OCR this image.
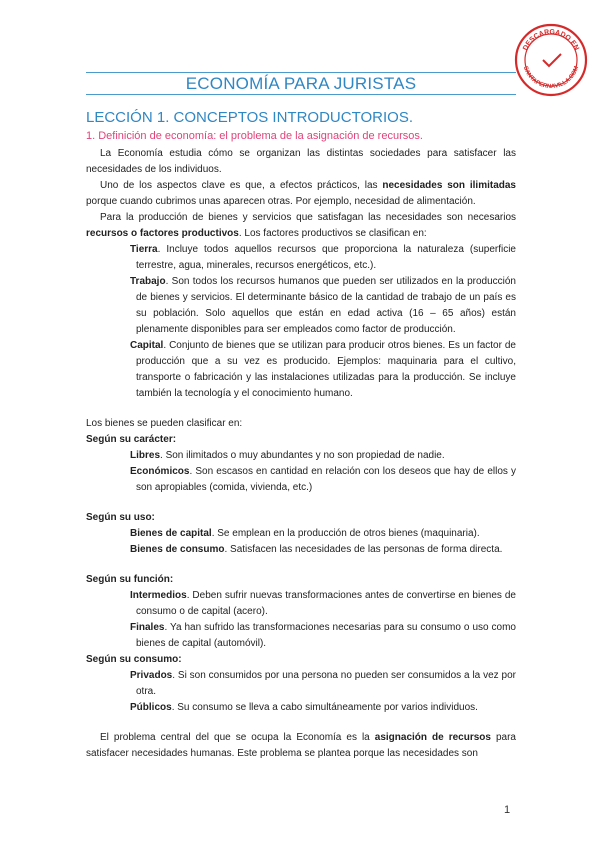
DESCARGADO EN
SANTAPERNAVILLA.COM
ECONOMÍA PARA JURISTAS
LECCIÓN 1. CONCEPTOS INTRODUCTORIOS.
1. Definición de economía: el problema de la asignación de recursos.

La Economía estudia cómo se organizan las distintas sociedades para satisfacer las necesidades de los individuos.

Uno de los aspectos clave es que, a efectos prácticos, las necesidades son ilimitadas porque cuando cubrimos unas aparecen otras. Por ejemplo, necesidad de alimentación.

Para la producción de bienes y servicios que satisfagan las necesidades son necesarios recursos o factores productivos. Los factores productivos se clasifican en:

Tierra. Incluye todos aquellos recursos que proporciona la naturaleza (superficie terrestre, agua, minerales, recursos energéticos, etc.).

Trabajo. Son todos los recursos humanos que pueden ser utilizados en la producción de bienes y servicios. El determinante básico de la cantidad de trabajo de un país es su población. Solo aquellos que están en edad activa (16 – 65 años) están plenamente disponibles para ser empleados como factor de producción.

Capital. Conjunto de bienes que se utilizan para producir otros bienes. Es un factor de producción que a su vez es producido. Ejemplos: maquinaria para el cultivo, transporte o fabricación y las instalaciones utilizadas para la producción. Se incluye también la tecnología y el conocimiento humano.

Los bienes se pueden clasificar en:

Según su carácter:

Libres. Son ilimitados o muy abundantes y no son propiedad de nadie.

Económicos. Son escasos en cantidad en relación con los deseos que hay de ellos y son apropiables (comida, vivienda, etc.)

Según su uso:

Bienes de capital. Se emplean en la producción de otros bienes (maquinaria).

Bienes de consumo. Satisfacen las necesidades de las personas de forma directa.

Según su función:

Intermedios. Deben sufrir nuevas transformaciones antes de convertirse en bienes de consumo o de capital (acero).

Finales. Ya han sufrido las transformaciones necesarias para su consumo o uso como bienes de capital (automóvil).

Según su consumo:

Privados. Si son consumidos por una persona no pueden ser consumidos a la vez por otra.

Públicos. Su consumo se lleva a cabo simultáneamente por varios individuos.

El problema central del que se ocupa la Economía es la asignación de recursos para satisfacer necesidades humanas. Este problema se plantea porque las necesidades son

1
